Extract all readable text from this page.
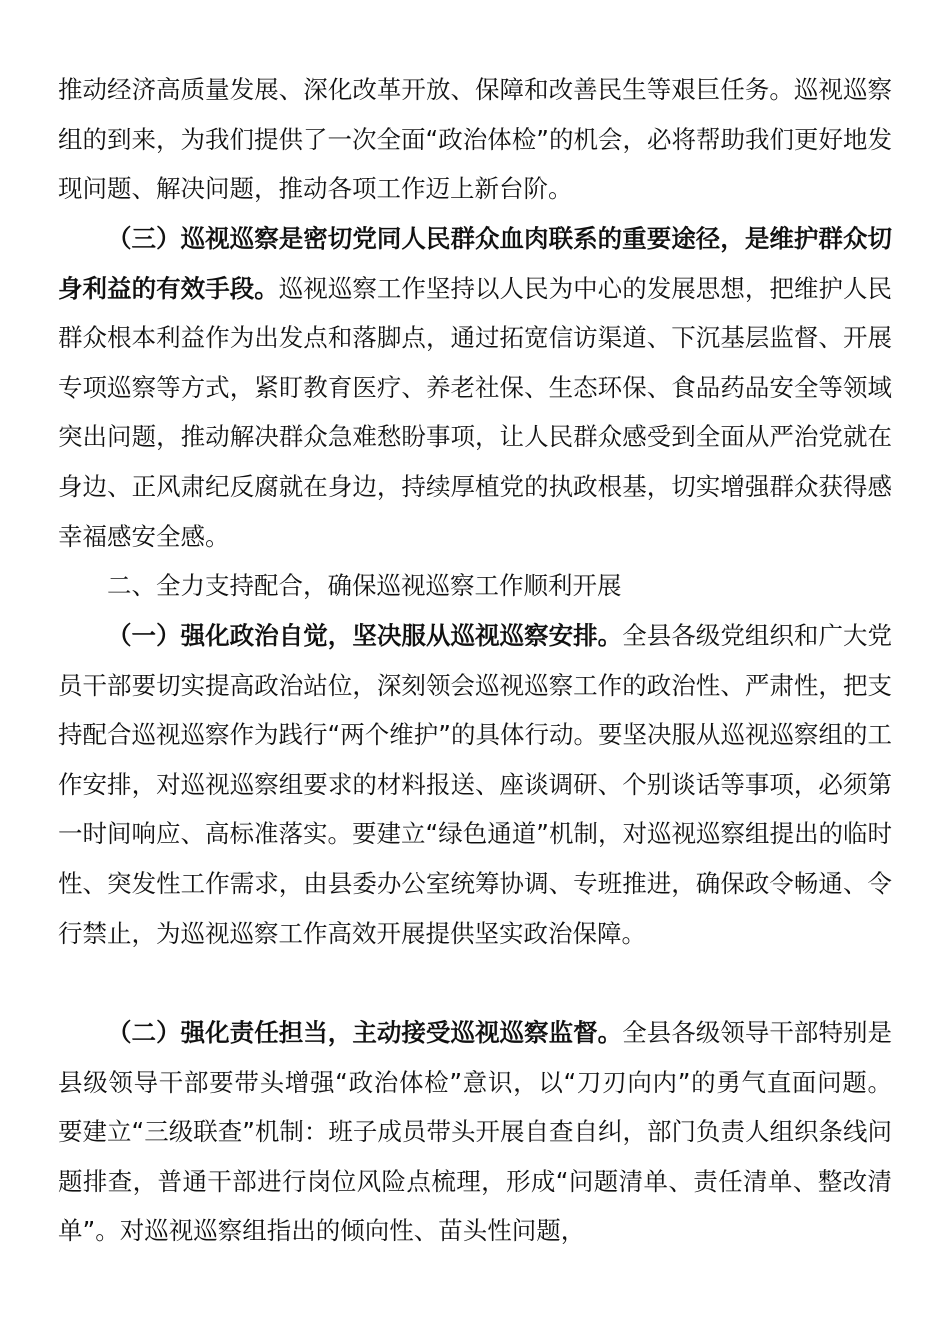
推动经济高质量发展、深化改革开放、保障和改善民生等艰巨任务。巡视巡察组的到来，为我们提供了一次全面“政治体检”的机会，必将帮助我们更好地发现问题、解决问题，推动各项工作迈上新台阶。

（三）巡视巡察是密切党同人民群众血肉联系的重要途径，是维护群众切身利益的有效手段。巡视巡察工作坚持以人民为中心的发展思想，把维护人民群众根本利益作为出发点和落脚点，通过拓宽信访渠道、下沉基层监督、开展专项巡察等方式，紧盯教育医疗、养老社保、生态环保、食品药品安全等领域突出问题，推动解决群众急难愁盼事项，让人民群众感受到全面从严治党就在身边、正风肃纪反腐就在身边，持续厚植党的执政根基，切实增强群众获得感幸福感安全感。

二、全力支持配合，确保巡视巡察工作顺利开展

（一）强化政治自觉，坚决服从巡视巡察安排。全县各级党组织和广大党员干部要切实提高政治站位，深刻领会巡视巡察工作的政治性、严肃性，把支持配合巡视巡察作为践行“两个维护”的具体行动。要坚决服从巡视巡察组的工作安排，对巡视巡察组要求的材料报送、座谈调研、个别谈话等事项，必须第一时间响应、高标准落实。要建立“绿色通道”机制，对巡视巡察组提出的临时性、突发性工作需求，由县委办公室统筹协调、专班推进，确保政令畅通、令行禁止，为巡视巡察工作高效开展提供坚实政治保障。

（二）强化责任担当，主动接受巡视巡察监督。全县各级领导干部特别是县级领导干部要带头增强“政治体检”意识，以“刀刃向内”的勇气直面问题。要建立“三级联查”机制：班子成员带头开展自查自纠，部门负责人组织条线问题排查，普通干部进行岗位风险点梳理，形成“问题清单、责任清单、整改清单”。对巡视巡察组指出的倾向性、苗头性问题，
